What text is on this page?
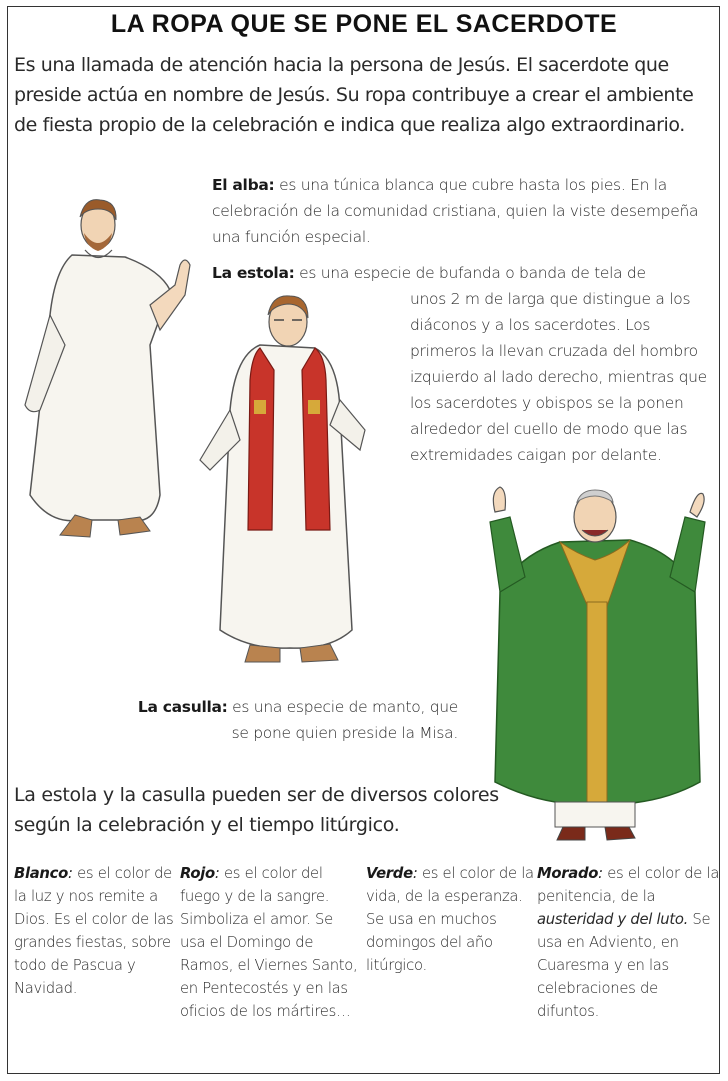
LA ROPA QUE SE PONE EL SACERDOTE
Es una llamada de atención hacia la persona de Jesús. El sacerdote que preside actúa en nombre de Jesús. Su ropa contribuye a crear el ambiente de fiesta propio de la celebración e indica que realiza algo extraordinario.
El alba: es una túnica blanca que cubre hasta los pies. En la celebración de la comunidad cristiana, quien la viste desempeña una función especial.
La estola: es una especie de bufanda o banda de tela de
unos 2 m de larga que distingue a los diáconos y a los sacerdotes. Los primeros la llevan cruzada del hombro izquierdo al lado derecho, mientras que los sacerdotes y obispos se la ponen alrededor del cuello de modo que las extremidades caigan por delante.
La casulla: es una especie de manto, que se pone quien preside la Misa.
La estola y la casulla pueden ser de diversos colores según la celebración y el tiempo litúrgico.
Blanco: es el color de la luz y nos remite a Dios. Es el color de las grandes fiestas, sobre todo de Pascua y Navidad.
Rojo: es el color del fuego y de la sangre. Simboliza el amor. Se usa el Domingo de Ramos, el Viernes Santo, en Pentecostés y en las oficios de los mártires…
Verde: es el color de la vida, de la esperanza. Se usa en muchos domingos del año litúrgico.
Morado: es el color de la penitencia, de la austeridad y del luto. Se usa en Adviento, en Cuaresma y en las celebraciones de difuntos.
